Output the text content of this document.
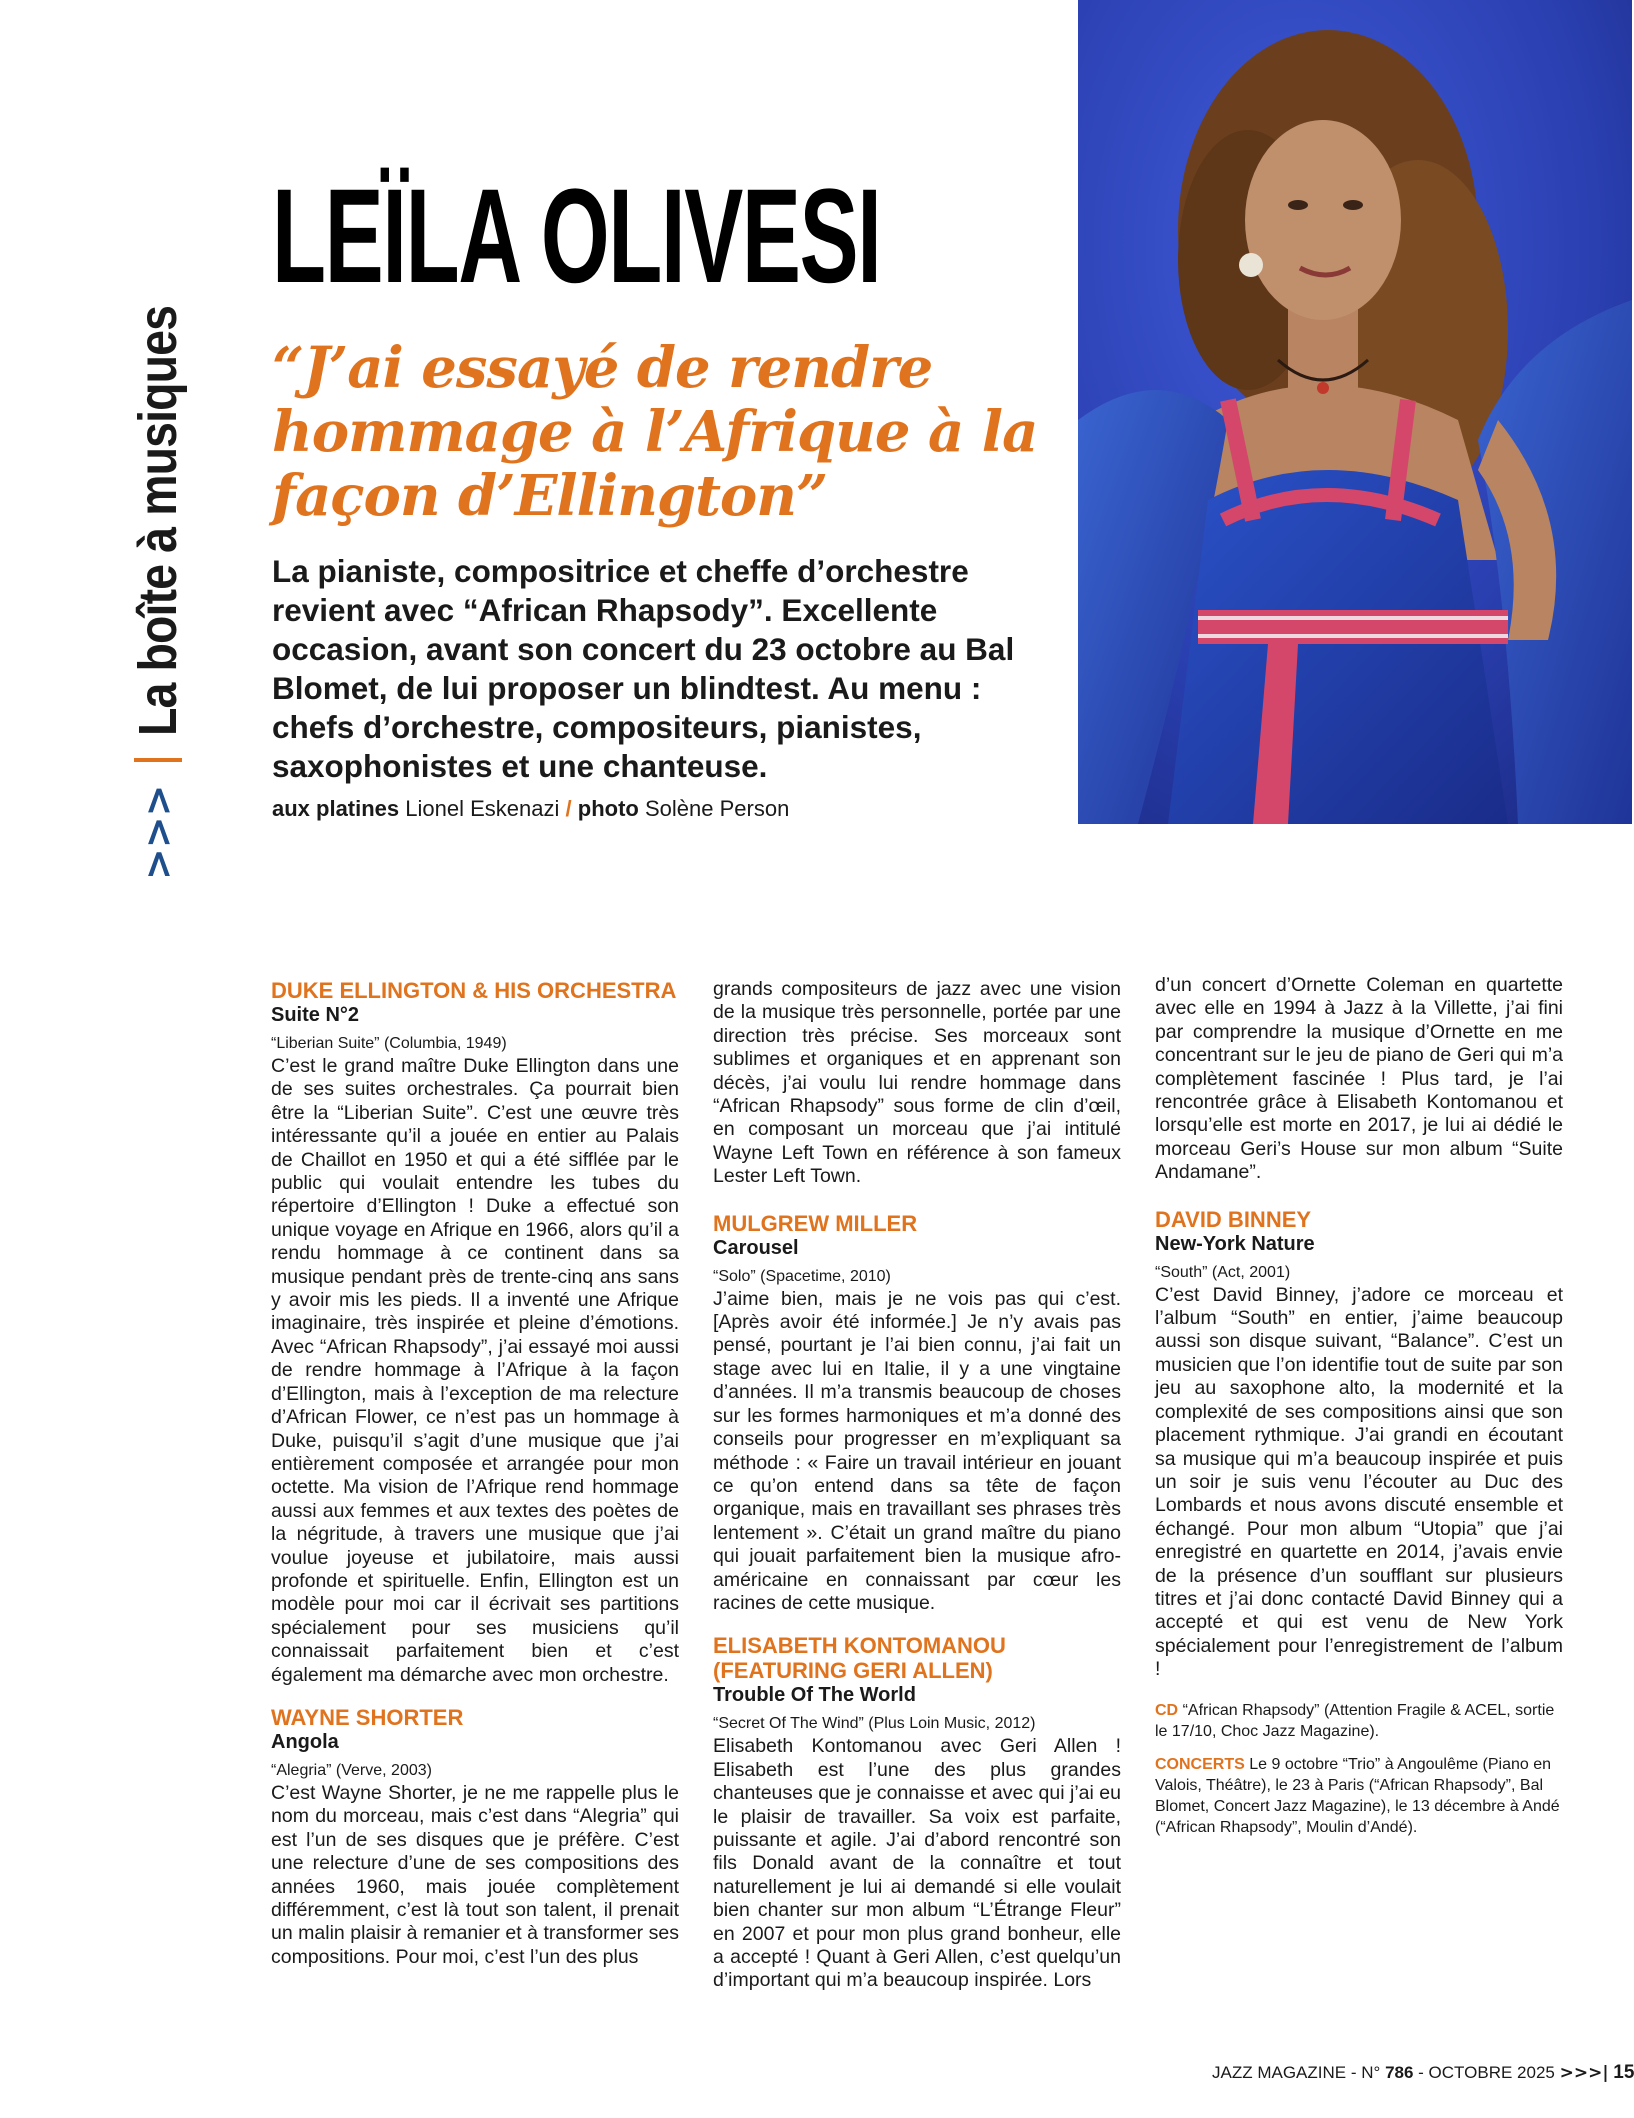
>>>
La boîte à musiques
LEÏLA OLIVESI
“J’ai essayé de rendre hommage à l’Afrique à la façon d’Ellington”
La pianiste, compositrice et cheffe d’orchestre revient avec “African Rhapsody”. Excellente occasion, avant son concert du 23 octobre au Bal Blomet, de lui proposer un blindtest. Au menu : chefs d’orchestre, compositeurs, pianistes, saxophonistes et une chanteuse.
aux platines Lionel Eskenazi / photo Solène Person
DUKE ELLINGTON & HIS ORCHESTRA
Suite N°2
“Liberian Suite” (Columbia, 1949)
C’est le grand maître Duke Ellington dans une de ses suites orchestrales. Ça pourrait bien être la “Liberian Suite”. C’est une œuvre très intéressante qu’il a jouée en entier au Palais de Chaillot en 1950 et qui a été sifflée par le public qui voulait entendre les tubes du répertoire d’Ellington ! Duke a effectué son unique voyage en Afrique en 1966, alors qu’il a rendu hommage à ce continent dans sa musique pendant près de trente-cinq ans sans y avoir mis les pieds. Il a inventé une Afrique imaginaire, très inspirée et pleine d’émotions. Avec “African Rhapsody”, j’ai essayé moi aussi de rendre hommage à l’Afrique à la façon d’Ellington, mais à l’exception de ma relecture d’African Flower, ce n’est pas un hommage à Duke, puisqu’il s’agit d’une musique que j’ai entièrement composée et arrangée pour mon octette. Ma vision de l’Afrique rend hommage aussi aux femmes et aux textes des poètes de la négritude, à travers une musique que j’ai voulue joyeuse et jubilatoire, mais aussi profonde et spirituelle. Enfin, Ellington est un modèle pour moi car il écrivait ses partitions spécialement pour ses musiciens qu’il connaissait parfaitement bien et c’est également ma démarche avec mon orchestre.
WAYNE SHORTER
Angola
“Alegria” (Verve, 2003)
C’est Wayne Shorter, je ne me rappelle plus le nom du morceau, mais c’est dans “Alegria” qui est l’un de ses disques que je préfère. C’est une relecture d’une de ses compositions des années 1960, mais jouée complètement différemment, c’est là tout son talent, il prenait un malin plaisir à remanier et à transformer ses compositions. Pour moi, c’est l’un des plus
grands compositeurs de jazz avec une vision de la musique très personnelle, portée par une direction très précise. Ses morceaux sont sublimes et organiques et en apprenant son décès, j’ai voulu lui rendre hommage dans “African Rhapsody” sous forme de clin d’œil, en composant un morceau que j’ai intitulé Wayne Left Town en référence à son fameux Lester Left Town.
MULGREW MILLER
Carousel
“Solo” (Spacetime, 2010)
J’aime bien, mais je ne vois pas qui c’est. [Après avoir été informée.] Je n’y avais pas pensé, pourtant je l’ai bien connu, j’ai fait un stage avec lui en Italie, il y a une vingtaine d’années. Il m’a transmis beaucoup de choses sur les formes harmoniques et m’a donné des conseils pour progresser en m’expliquant sa méthode : « Faire un travail intérieur en jouant ce qu’on entend dans sa tête de façon organique, mais en travaillant ses phrases très lentement ». C’était un grand maître du piano qui jouait parfaitement bien la musique afro-américaine en connaissant par cœur les racines de cette musique.
ELISABETH KONTOMANOU (FEATURING GERI ALLEN)
Trouble Of The World
“Secret Of The Wind” (Plus Loin Music, 2012)
Elisabeth Kontomanou avec Geri Allen ! Elisabeth est l’une des plus grandes chanteuses que je connaisse et avec qui j’ai eu le plaisir de travailler. Sa voix est parfaite, puissante et agile. J’ai d’abord rencontré son fils Donald avant de la connaître et tout naturellement je lui ai demandé si elle voulait bien chanter sur mon album “L’Étrange Fleur” en 2007 et pour mon plus grand bonheur, elle a accepté ! Quant à Geri Allen, c’est quelqu’un d’important qui m’a beaucoup inspirée. Lors
d’un concert d’Ornette Coleman en quartette avec elle en 1994 à Jazz à la Villette, j’ai fini par comprendre la musique d’Ornette en me concentrant sur le jeu de piano de Geri qui m’a complètement fascinée ! Plus tard, je l’ai rencontrée grâce à Elisabeth Kontomanou et lorsqu’elle est morte en 2017, je lui ai dédié le morceau Geri’s House sur mon album “Suite Andamane”.
DAVID BINNEY
New-York Nature
“South” (Act, 2001)
C’est David Binney, j’adore ce morceau et l’album “South” en entier, j’aime beaucoup aussi son disque suivant, “Balance”. C’est un musicien que l’on identifie tout de suite par son jeu au saxophone alto, la modernité et la complexité de ses compositions ainsi que son placement rythmique. J’ai grandi en écoutant sa musique qui m’a beaucoup inspirée et puis un soir je suis venu l’écouter au Duc des Lombards et nous avons discuté ensemble et échangé. Pour mon album “Utopia” que j’ai enregistré en quartette en 2014, j’avais envie de la présence d’un soufflant sur plusieurs titres et j’ai donc contacté David Binney qui a accepté et qui est venu de New York spécialement pour l’enregistrement de l’album !

CD “African Rhapsody” (Attention Fragile & ACEL, sortie le 17/10, Choc Jazz Magazine).

CONCERTS Le 9 octobre “Trio” à Angoulême (Piano en Valois, Théâtre), le 23 à Paris (“African Rhapsody”, Bal Blomet, Concert Jazz Magazine), le 13 décembre à Andé (“African Rhapsody”, Moulin d’Andé).

JAZZ MAGAZINE - N° 786 - OCTOBRE 2025 >>>| 15
